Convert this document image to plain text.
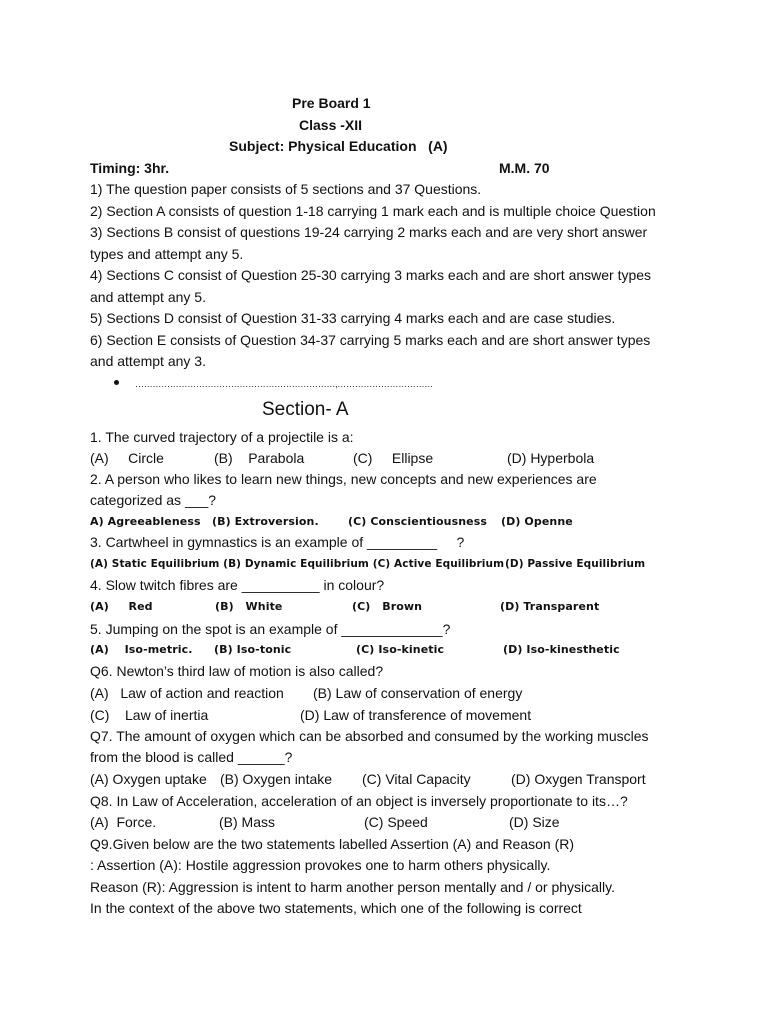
Pre Board 1
Class -XII
Subject: Physical Education   (A)
Timing: 3hr.	M.M. 70
1) The question paper consists of 5 sections and 37 Questions.
2) Section A consists of question 1-18 carrying 1 mark each and is multiple choice Question
3) Sections B consist of questions 19-24 carrying 2 marks each and are very short answer
types and attempt any 5.
4) Sections C consist of Question 25-30 carrying 3 marks each and are short answer types
and attempt any 5.
5) Sections D consist of Question 31-33 carrying 4 marks each and are case studies.
6) Section E consists of Question 34-37 carrying 5 marks each and are short answer types
and attempt any 3.
……………………………………………………………,……………………………
Section- A
1. The curved trajectory of a projectile is a:
(A)     Circle	(B)    Parabola	(C)     Ellipse	(D) Hyperbola
2. A person who likes to learn new things, new concepts and new experiences are
categorized as ___?
A) Agreeableness (B) Extroversion.	(C) Conscientiousness (D) Openne
3. Cartwheel in gymnastics is an example of _________     ?
(A) Static Equilibrium (B) Dynamic Equilibrium (C) Active Equilibrium (D) Passive Equilibrium
4. Slow twitch fibres are __________ in colour?
(A)     Red	(B)   White	(C)   Brown	(D) Transparent
5. Jumping on the spot is an example of _____________?
(A)    Iso-metric. (B) Iso-tonic	(C) Iso-kinetic	(D) Iso-kinesthetic
Q6. Newton’s third law of motion is also called?
(A)   Law of action and reaction (B) Law of conservation of energy
(C)    Law of inertia	(D) Law of transference of movement
Q7. The amount of oxygen which can be absorbed and consumed by the working muscles
from the blood is called ______?
(A) Oxygen uptake (B) Oxygen intake (C) Vital Capacity	(D) Oxygen Transport
Q8. In Law of Acceleration, acceleration of an object is inversely proportionate to its…?
(A)  Force.	(B) Mass	(C) Speed	(D) Size
Q9.Given below are the two statements labelled Assertion (A) and Reason (R)
: Assertion (A): Hostile aggression provokes one to harm others physically.
Reason (R): Aggression is intent to harm another person mentally and / or physically.
In the context of the above two statements, which one of the following is correct
